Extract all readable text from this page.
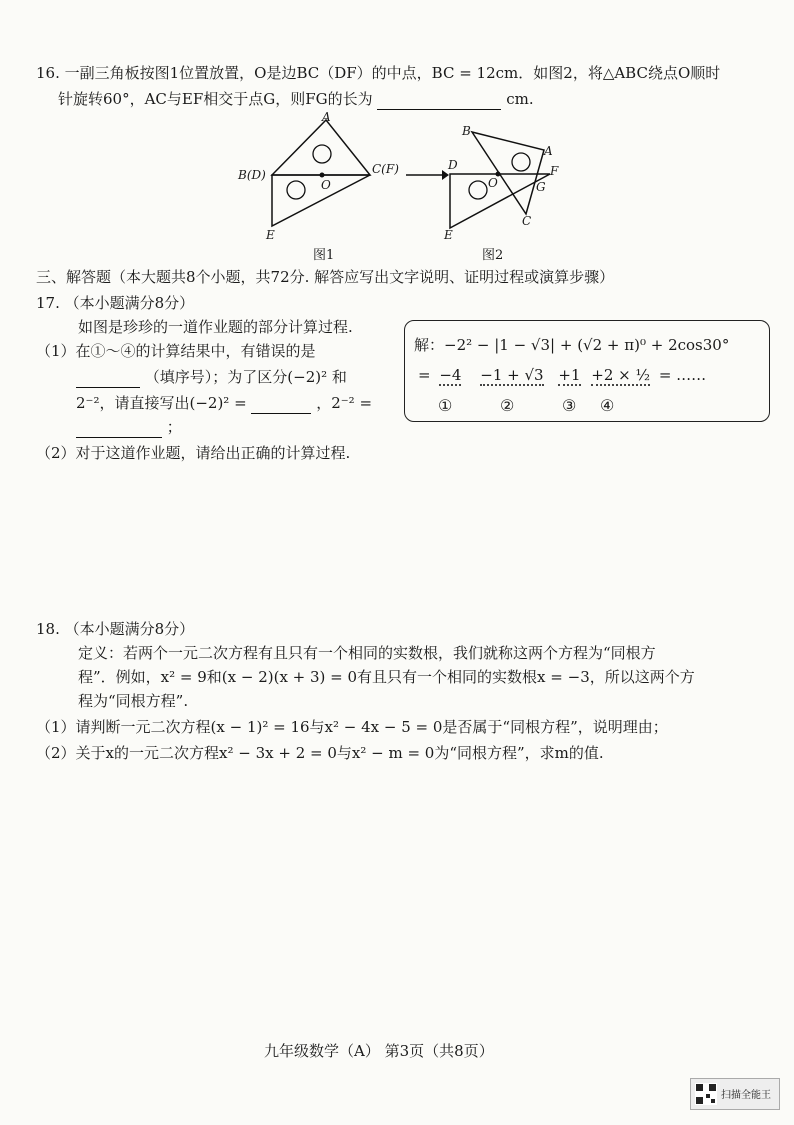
16. 一副三角板按图1位置放置，O是边BC（DF）的中点，BC = 12cm．如图2，将△ABC绕点O顺时
针旋转60°，AC与EF相交于点G，则FG的长为	cm.
A
B(D)	C(F)
O
E
图1
B
A
D	F
O	G
C
E
图2
三、解答题（本大题共8个小题，共72分. 解答应写出文字说明、证明过程或演算步骤）
17. （本小题满分8分）
如图是珍珍的一道作业题的部分计算过程.
（1）在①～④的计算结果中，有错误的是
（填序号）；为了区分(−2)² 和
2⁻²，请直接写出(−2)² =	，2⁻² =
；
（2）对于这道作业题，请给出正确的计算过程.
解：−2² − |1 − √3| + (√2 + π)⁰ + 2cos30°
= −4 −1 + √3 +1 +2 × ½ = ……
①	②	③ ④
18. （本小题满分8分）
定义：若两个一元二次方程有且只有一个相同的实数根，我们就称这两个方程为“同根方
程”．例如，x² = 9和(x − 2)(x + 3) = 0有且只有一个相同的实数根x = −3，所以这两个方
程为“同根方程”.
（1）请判断一元二次方程(x − 1)² = 16与x² − 4x − 5 = 0是否属于“同根方程”，说明理由；
（2）关于x的一元二次方程x² − 3x + 2 = 0与x² − m = 0为“同根方程”，求m的值.
九年级数学（A） 第3页（共8页）
扫描全能王
